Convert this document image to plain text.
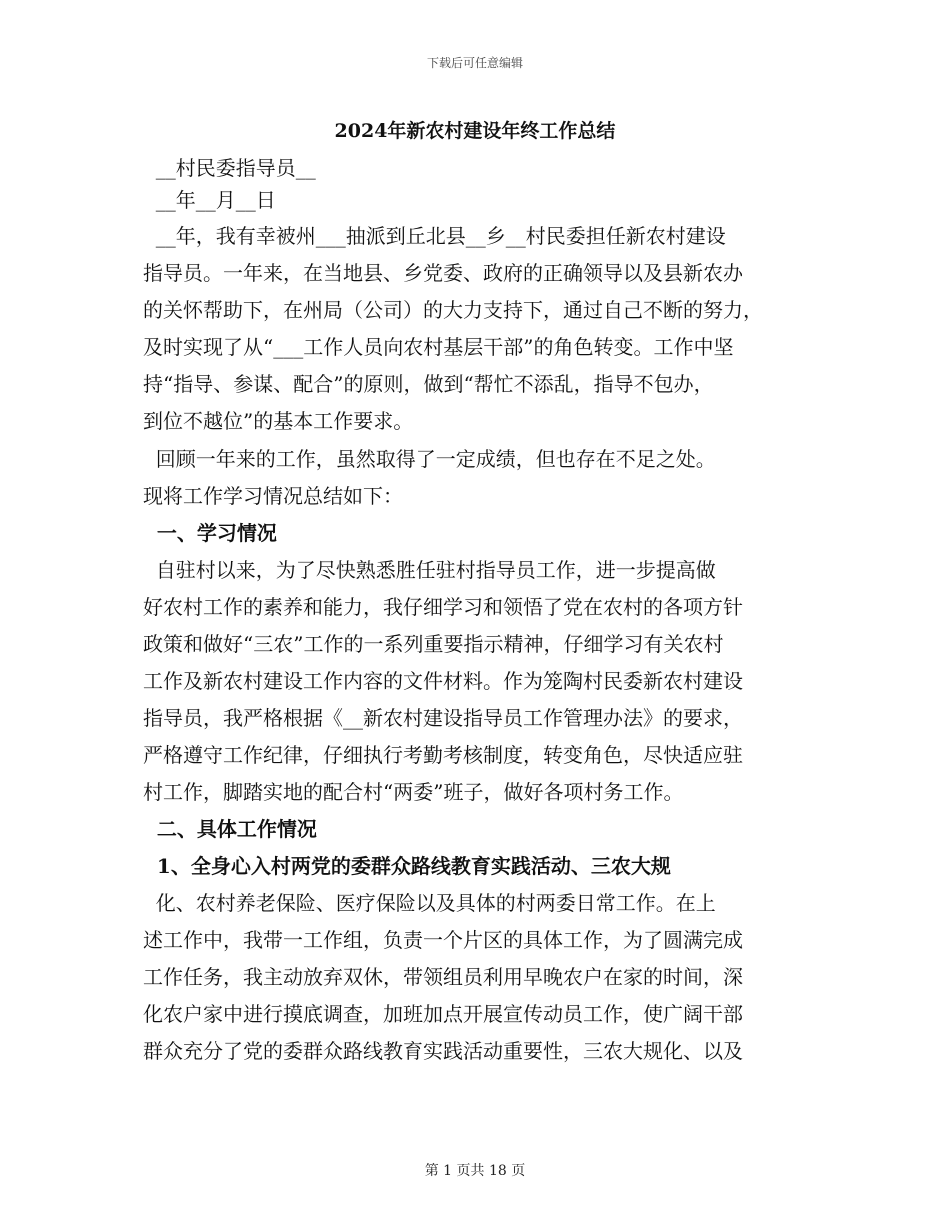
下载后可任意编辑
2024年新农村建设年终工作总结
__村民委指导员__
__年__月__日
__年，我有幸被州___抽派到丘北县__乡__村民委担任新农村建设
指导员。一年来，在当地县、乡党委、政府的正确领导以及县新农办
的关怀帮助下，在州局（公司）的大力支持下，通过自己不断的努力，
及时实现了从“___工作人员向农村基层干部”的角色转变。工作中坚
持“指导、参谋、配合”的原则，做到“帮忙不添乱，指导不包办，
到位不越位”的基本工作要求。
回顾一年来的工作，虽然取得了一定成绩，但也存在不足之处。
现将工作学习情况总结如下：
一、学习情况
自驻村以来，为了尽快熟悉胜任驻村指导员工作，进一步提高做
好农村工作的素养和能力，我仔细学习和领悟了党在农村的各项方针
政策和做好“三农”工作的一系列重要指示精神，仔细学习有关农村
工作及新农村建设工作内容的文件材料。作为笼陶村民委新农村建设
指导员，我严格根据《__新农村建设指导员工作管理办法》的要求，
严格遵守工作纪律，仔细执行考勤考核制度，转变角色，尽快适应驻
村工作，脚踏实地的配合村“两委”班子，做好各项村务工作。
二、具体工作情况
1、全身心入村两党的委群众路线教育实践活动、三农大规
化、农村养老保险、医疗保险以及具体的村两委日常工作。在上
述工作中，我带一工作组，负责一个片区的具体工作，为了圆满完成
工作任务，我主动放弃双休，带领组员利用早晚农户在家的时间，深
化农户家中进行摸底调查，加班加点开展宣传动员工作，使广阔干部
群众充分了党的委群众路线教育实践活动重要性，三农大规化、以及
第 1 页共 18 页
